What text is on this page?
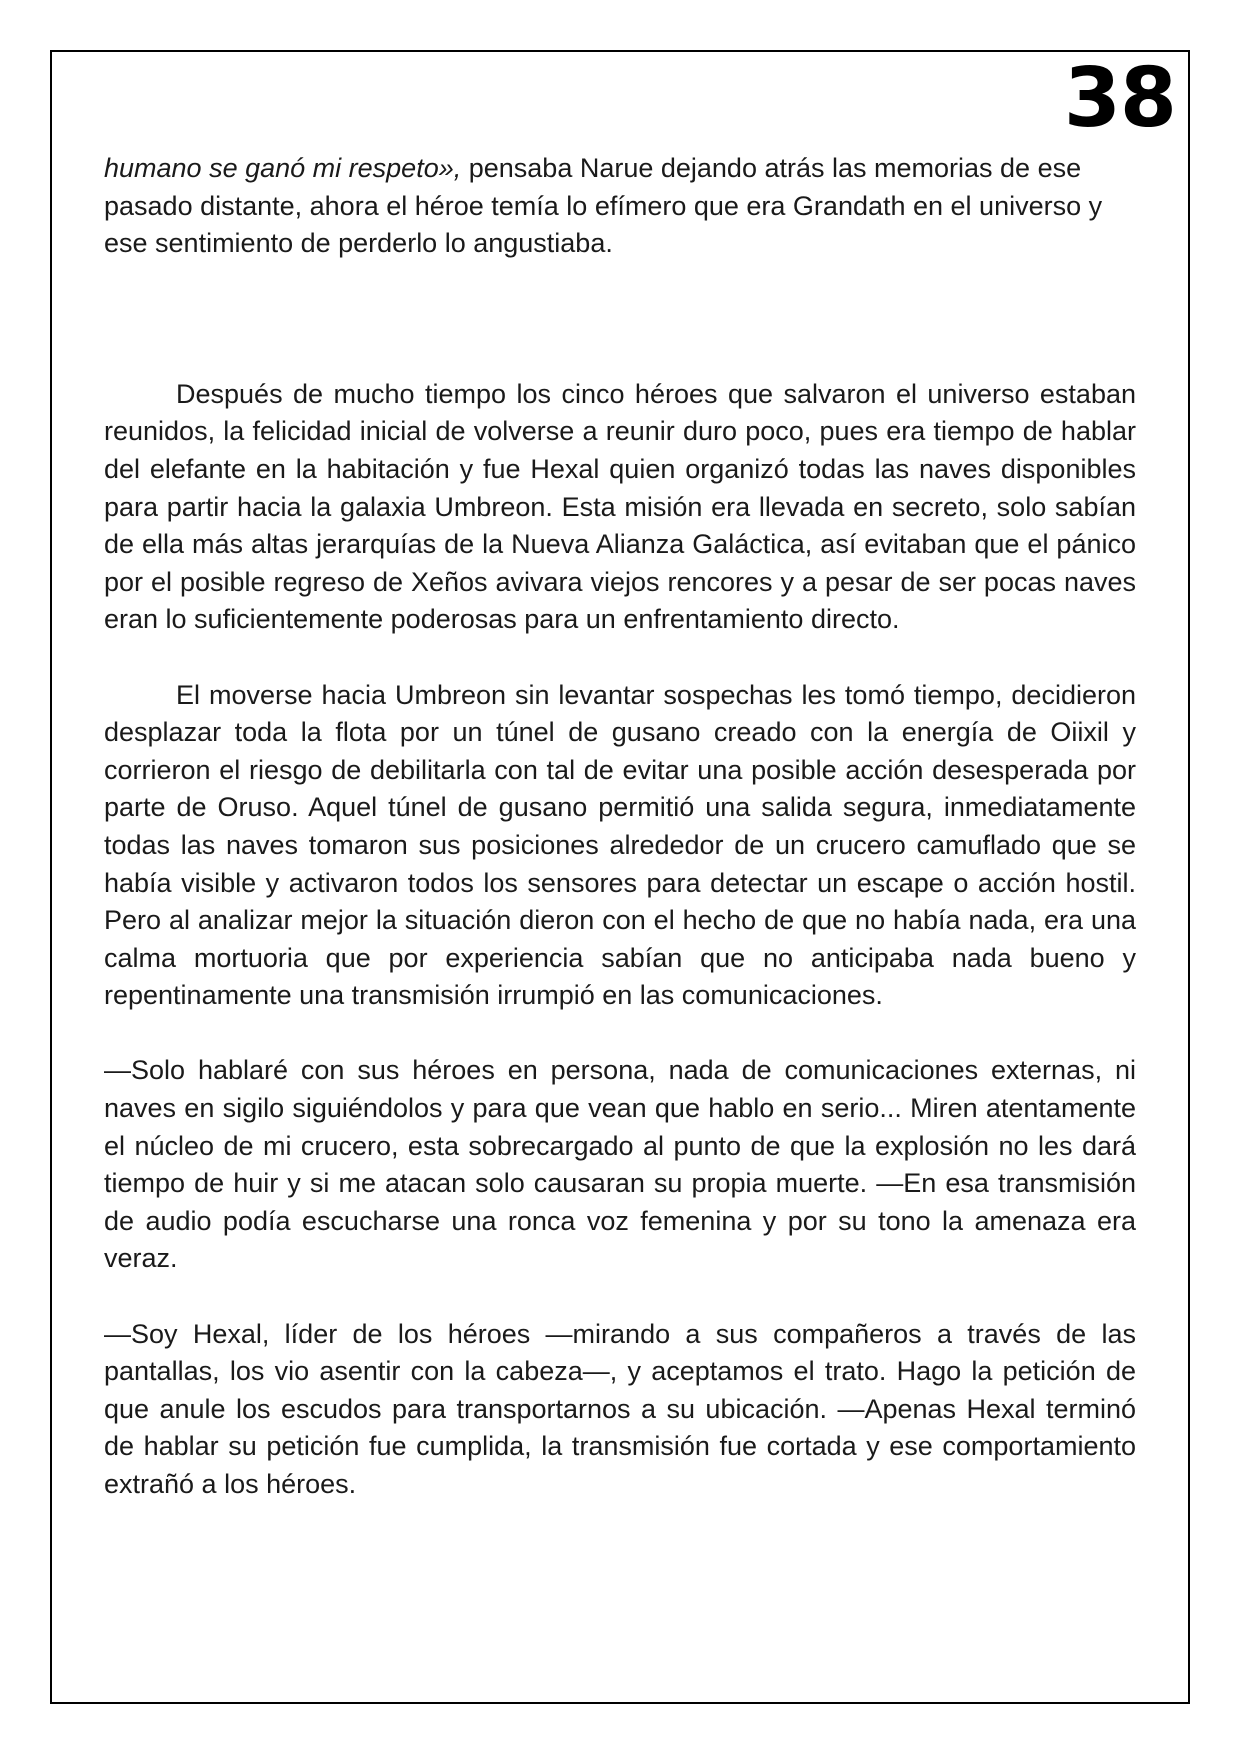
38

humano se ganó mi respeto», pensaba Narue dejando atrás las memorias de ese pasado distante, ahora el héroe temía lo efímero que era Grandath en el universo y ese sentimiento de perderlo lo angustiaba.

Después de mucho tiempo los cinco héroes que salvaron el universo estaban reunidos, la felicidad inicial de volverse a reunir duro poco, pues era tiempo de hablar del elefante en la habitación y fue Hexal quien organizó todas las naves disponibles para partir hacia la galaxia Umbreon. Esta misión era llevada en secreto, solo sabían de ella más altas jerarquías de la Nueva Alianza Galáctica, así evitaban que el pánico por el posible regreso de Xeños avivara viejos rencores y a pesar de ser pocas naves eran lo suficientemente poderosas para un enfrentamiento directo.

El moverse hacia Umbreon sin levantar sospechas les tomó tiempo, decidieron desplazar toda la flota por un túnel de gusano creado con la energía de Oiixil y corrieron el riesgo de debilitarla con tal de evitar una posible acción desesperada por parte de Oruso. Aquel túnel de gusano permitió una salida segura, inmediatamente todas las naves tomaron sus posiciones alrededor de un crucero camuflado que se había visible y activaron todos los sensores para detectar un escape o acción hostil. Pero al analizar mejor la situación dieron con el hecho de que no había nada, era una calma mortuoria que por experiencia sabían que no anticipaba nada bueno y repentinamente una transmisión irrumpió en las comunicaciones.

—Solo hablaré con sus héroes en persona, nada de comunicaciones externas, ni naves en sigilo siguiéndolos y para que vean que hablo en serio... Miren atentamente el núcleo de mi crucero, esta sobrecargado al punto de que la explosión no les dará tiempo de huir y si me atacan solo causaran su propia muerte. —En esa transmisión de audio podía escucharse una ronca voz femenina y por su tono la amenaza era veraz.

—Soy Hexal, líder de los héroes —mirando a sus compañeros a través de las pantallas, los vio asentir con la cabeza—, y aceptamos el trato. Hago la petición de que anule los escudos para transportarnos a su ubicación. —Apenas Hexal terminó de hablar su petición fue cumplida, la transmisión fue cortada y ese comportamiento extrañó a los héroes.
